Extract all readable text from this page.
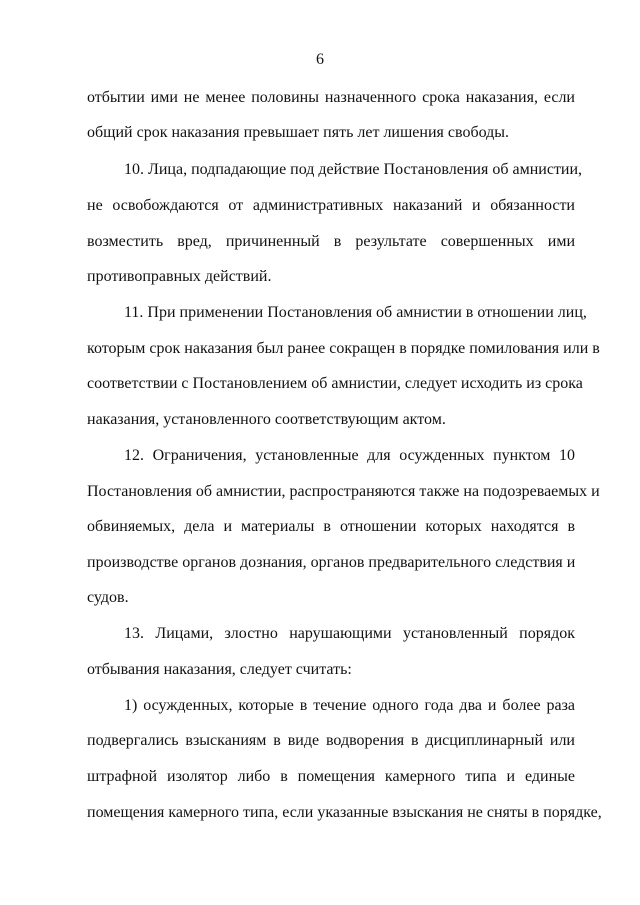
6
отбытии ими не менее половины назначенного срока наказания, если
общий срок наказания превышает пять лет лишения свободы.
10. Лица, подпадающие под действие Постановления об амнистии,
не освобождаются от административных наказаний и обязанности
возместить вред, причиненный в результате совершенных ими
противоправных действий.
11. При применении Постановления об амнистии в отношении лиц,
которым срок наказания был ранее сокращен в порядке помилования или в
соответствии с Постановлением об амнистии, следует исходить из срока
наказания, установленного соответствующим актом.
12. Ограничения, установленные для осужденных пунктом 10
Постановления об амнистии, распространяются также на подозреваемых и
обвиняемых, дела и материалы в отношении которых находятся в
производстве органов дознания, органов предварительного следствия и
судов.
13. Лицами, злостно нарушающими установленный порядок
отбывания наказания, следует считать:
1) осужденных, которые в течение одного года два и более раза
подвергались взысканиям в виде водворения в дисциплинарный или
штрафной изолятор либо в помещения камерного типа и единые
помещения камерного типа, если указанные взыскания не сняты в порядке,
